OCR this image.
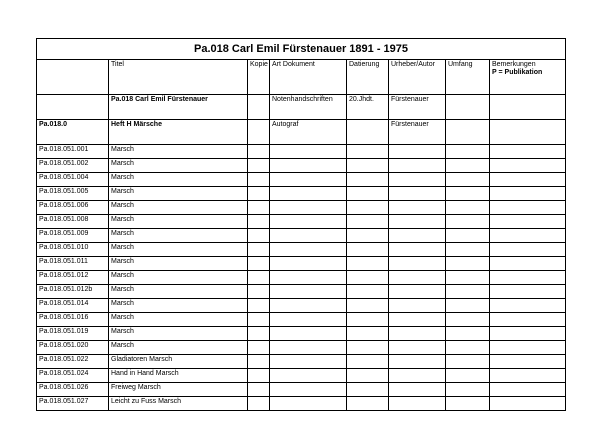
Pa.018 Carl Emil Fürstenauer 1891 - 1975							
	Titel	Kopie	Art Dokument	Datierung	Urheber/Autor	Umfang	Bemerkungen
P = Publikation

	Pa.018 Carl Emil Fürstenauer		Notenhandschriften	20.Jhdt.	Fürstenauer		
Pa.018.0	Heft H Märsche		Autograf		Fürstenauer		
Pa.018.051.001	Marsch						
Pa.018.051.002	Marsch						
Pa.018.051.004	Marsch						
Pa.018.051.005	Marsch						
Pa.018.051.006	Marsch						
Pa.018.051.008	Marsch						
Pa.018.051.009	Marsch						
Pa.018.051.010	Marsch						
Pa.018.051.011	Marsch						
Pa.018.051.012	Marsch						
Pa.018.051.012b	Marsch						
Pa.018.051.014	Marsch						
Pa.018.051.016	Marsch						
Pa.018.051.019	Marsch						
Pa.018.051.020	Marsch						
Pa.018.051.022	Gladiatoren Marsch						
Pa.018.051.024	Hand in Hand Marsch						
Pa.018.051.026	Freiweg Marsch						
Pa.018.051.027	Leicht zu Fuss Marsch						
